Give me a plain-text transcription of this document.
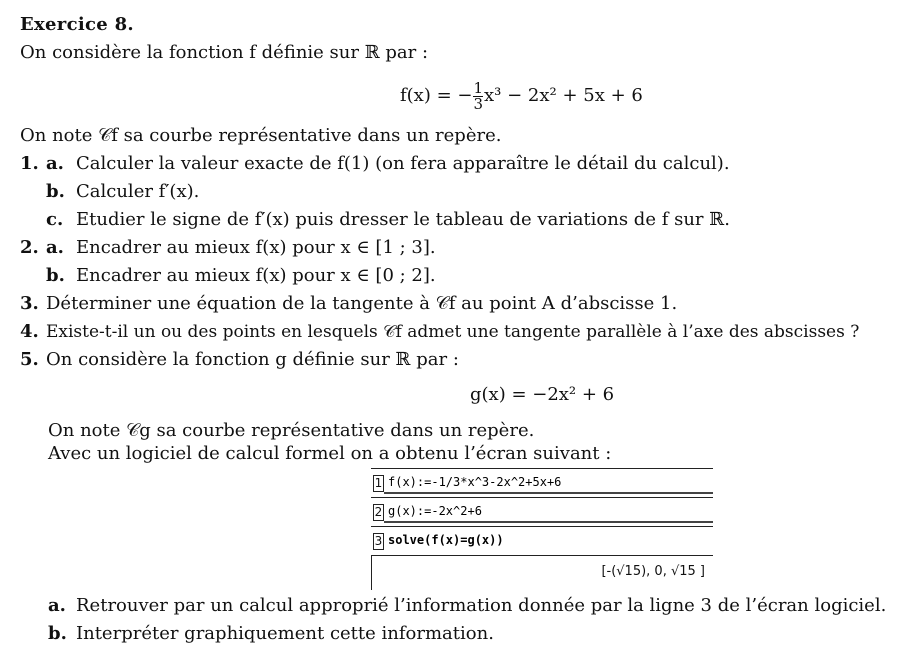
Exercice 8.
On considère la fonction f définie sur ℝ par :
f(x) = − $\frac{1}{3} x^3 - 2x^2 + 5x + 6$
On note 𝒞f sa courbe représentative dans un repère.
1. a. Calculer la valeur exacte de f(1) (on fera apparaître le détail du calcul).
b. Calculer f′(x).
c. Etudier le signe de f′(x) puis dresser le tableau de variations de f sur ℝ.
2. a. Encadrer au mieux f(x) pour x ∈ [1 ; 3].
b. Encadrer au mieux f(x) pour x ∈ [0 ; 2].
3. Déterminer une équation de la tangente à 𝒞f au point A d’abscisse 1.
4. Existe-t-il un ou des points en lesquels 𝒞f admet une tangente parallèle à l’axe des abscisses ?
5. On considère la fonction g définie sur ℝ par :
g(x) = −2x² + 6
On note 𝒞g sa courbe représentative dans un repère.
Avec un logiciel de calcul formel on a obtenu l’écran suivant :
1 f(x):=-1/3*x^3-2x^2+5x+6
2 g(x):=-2x^2+6
3 solve(f(x)=g(x))
[-(√15), 0, √15 ]
a. Retrouver par un calcul approprié l’information donnée par la ligne 3 de l’écran logiciel.
b. Interpréter graphiquement cette information.
